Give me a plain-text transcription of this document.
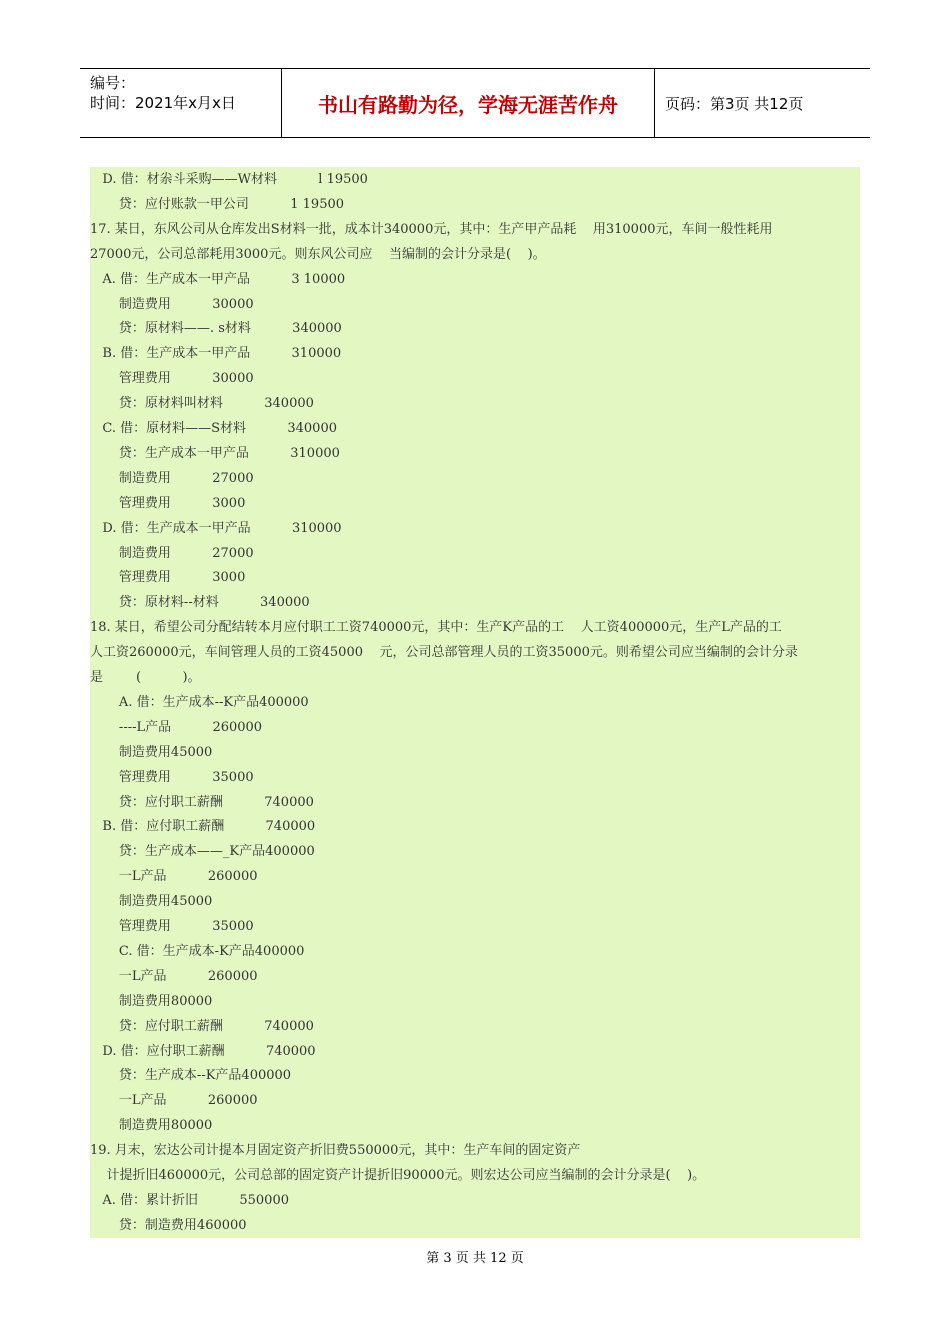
编号：
时间：2021年x月x日	书山有路勤为径，学海无涯苦作舟	页码：第3页 共12页
D. 借：材尜斗采购——W材料          l 19500
贷：应付账款一甲公司          1 19500
17. 某日，东风公司从仓库发出S材料一批，成本计340000元，其中：生产甲产品耗    用310000元，车间一般性耗用
27000元，公司总部耗用3000元。则东风公司应    当编制的会计分录是(    )。
A. 借：生产成本一甲产品          3 10000
制造费用          30000
贷：原材料——. s材料          340000
B. 借：生产成本一甲产品          310000
管理费用          30000
贷：原材料叫材料          340000
C. 借：原材料——S材料          340000
贷：生产成本一甲产品          310000
制造费用          27000
管理费用          3000
D. 借：生产成本一甲产品          310000
制造费用          27000
管理费用          3000
贷：原材料--材料          340000
18. 某日，希望公司分配结转本月应付职工工资740000元，其中：生产K产品的工    人工资400000元，生产L产品的工
人工资260000元，车间管理人员的工资45000    元，公司总部管理人员的工资35000元。则希望公司应当编制的会计分录
是        (          )。
A. 借：生产成本--K产品400000
----L产品          260000
制造费用45000
管理费用          35000
贷：应付职工薪酬          740000
B. 借：应付职工薪酬          740000
贷：生产成本——_K产品400000
一L产品          260000
制造费用45000
管理费用          35000
C. 借：生产成本-K产品400000
一L产品          260000
制造费用80000
贷：应付职工薪酬          740000
D. 借：应付职工薪酬          740000
贷：生产成本--K产品400000
一L产品          260000
制造费用80000
19. 月末，宏达公司计提本月固定资产折旧费550000元，其中：生产车间的固定资产
计提折旧460000元，公司总部的固定资产计提折旧90000元。则宏达公司应当编制的会计分录是(    )。
A. 借：累计折旧          550000
贷：制造费用460000
第 3 页 共 12 页
